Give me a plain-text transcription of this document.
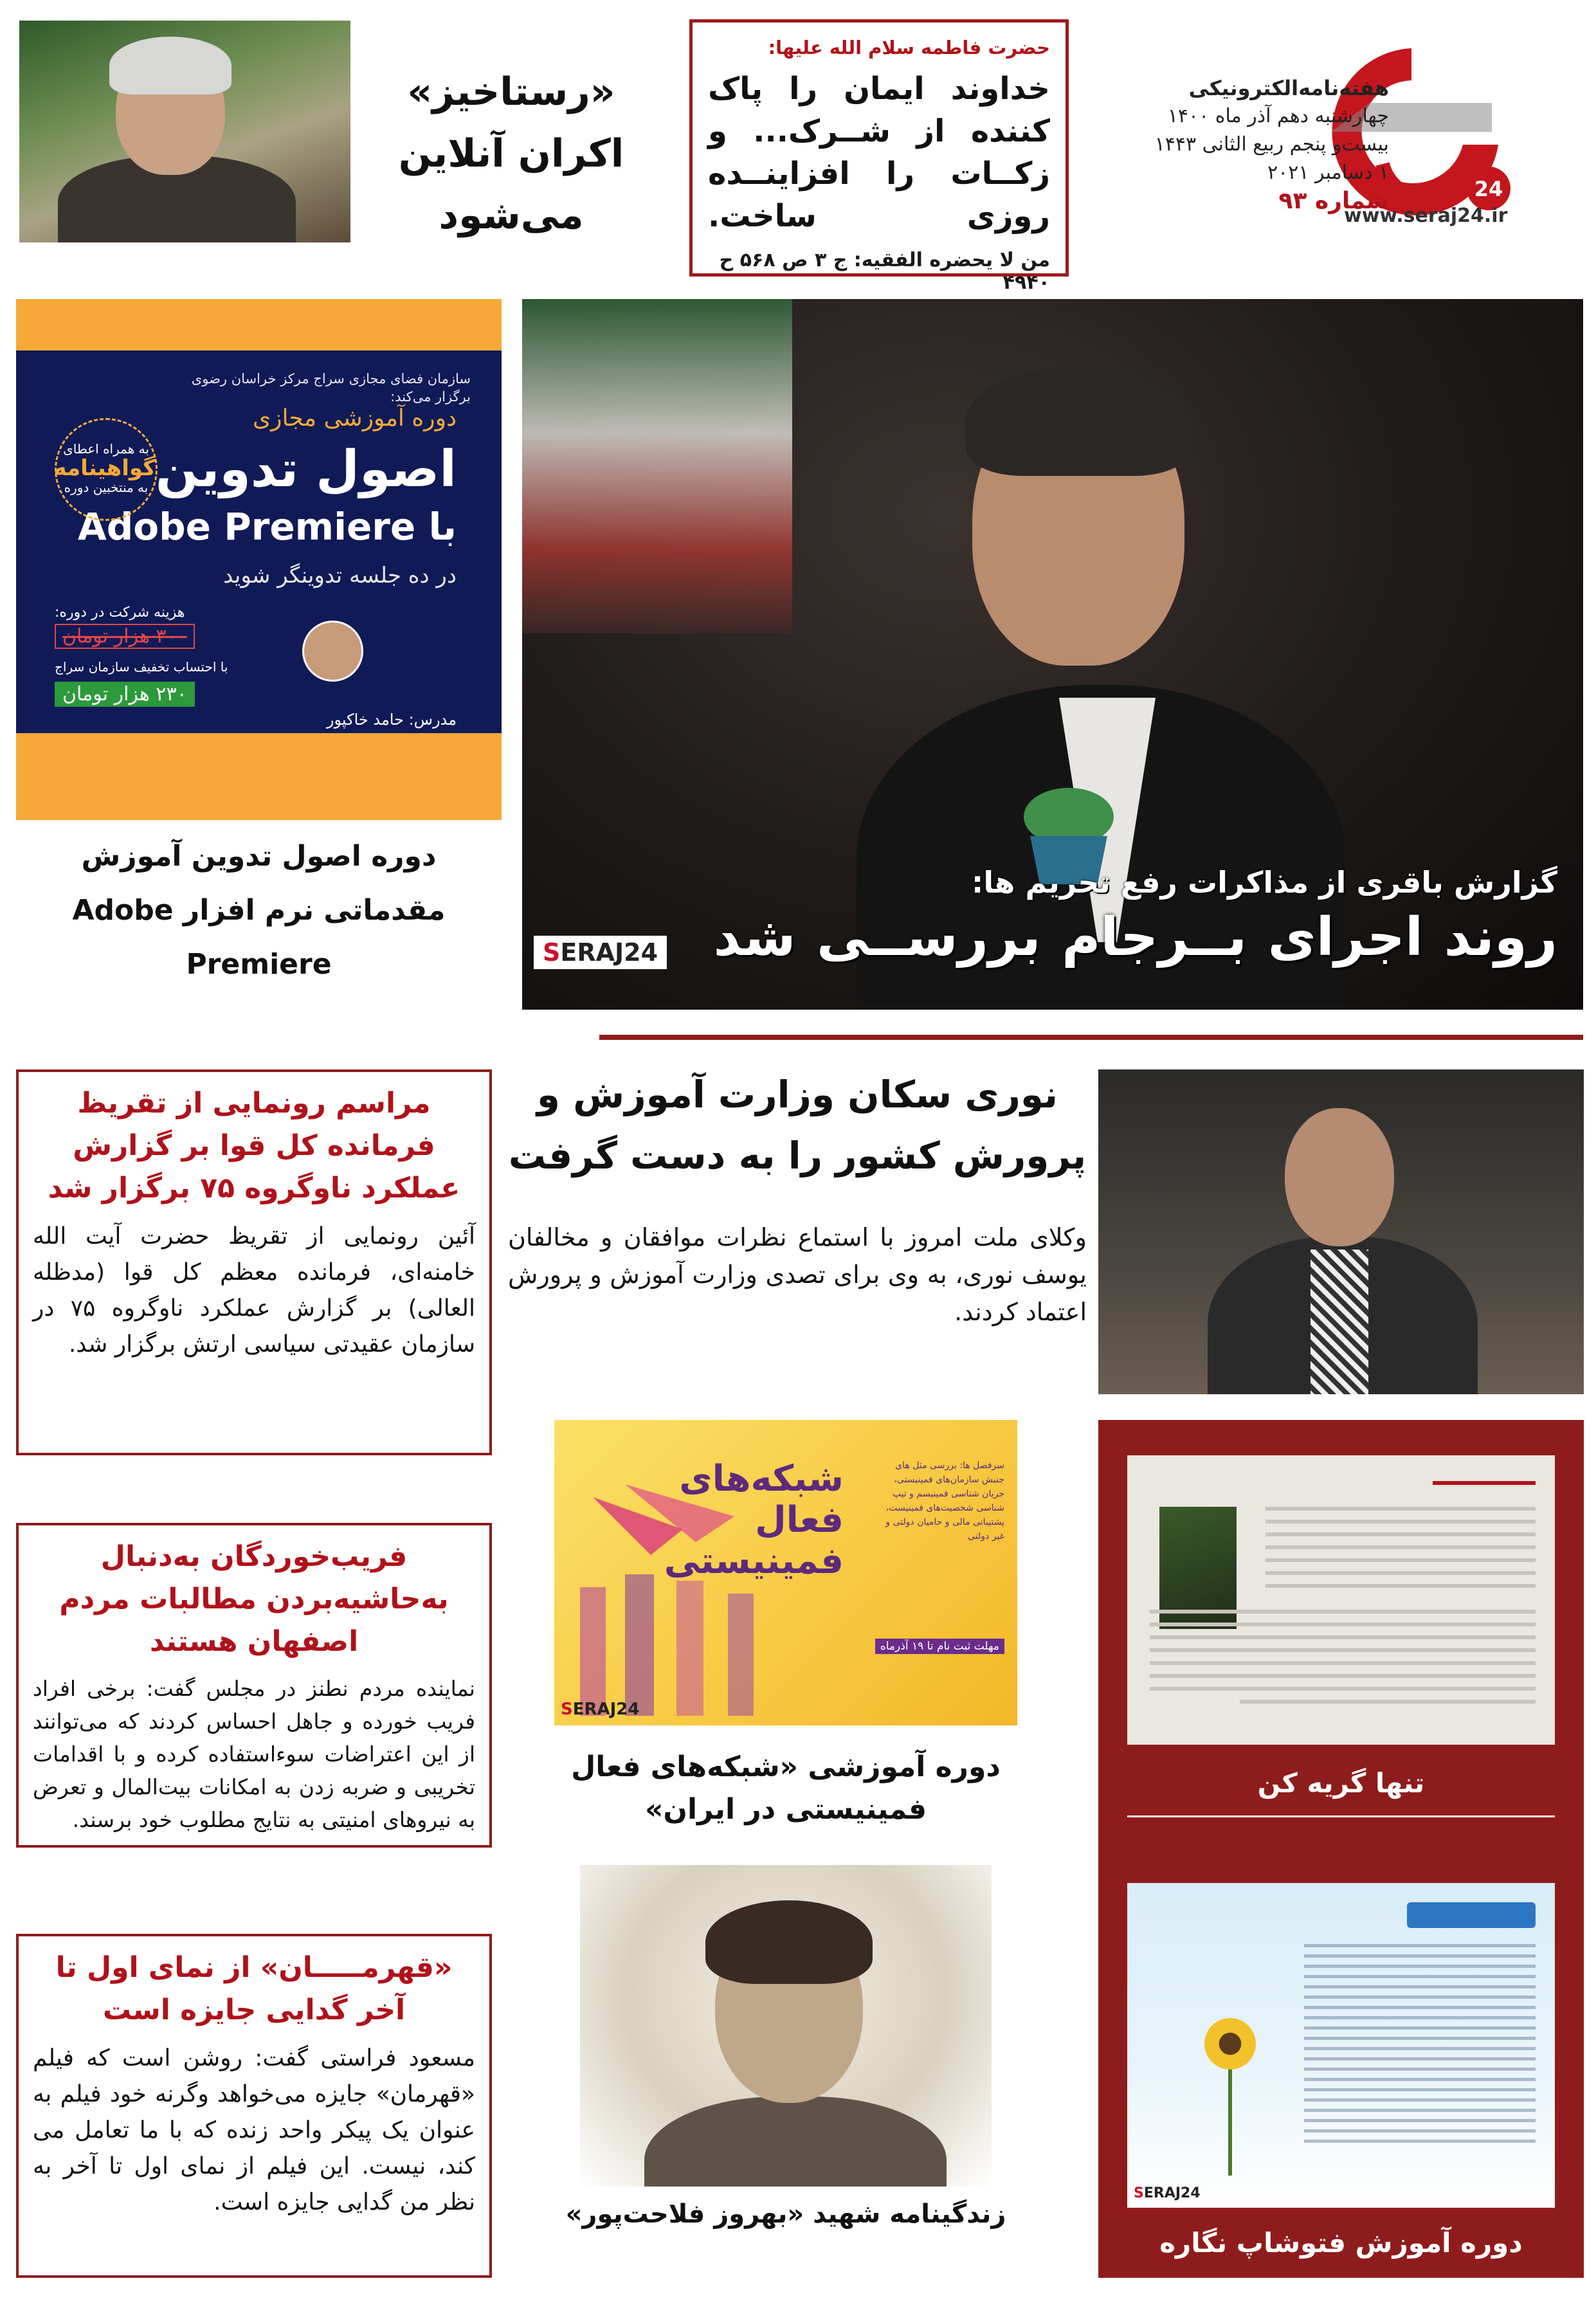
24
هفته‌نامه‌الکترونیکی
چهارشنبه دهم آذر ماه ۱۴۰۰
بیست‌و پنجم ربیع الثانی ۱۴۴۳
۱ دسامبر ۲۰۲۱
شماره ۹۳
www.seraj24.ir
حضرت فاطمه سلام الله علیها:
خداوند ایمان را پاک کننده از شــرک... و زکــات را افزاینــده روزی ساخت.
من لا یحضره الفقیه: ج ۳ ص ۵۶۸ ح ۴۹۴۰
«رستاخیز» اکران آنلاین می‌شود
گزارش باقری از مذاکرات رفع تحریم ها:
روند اجرای بــرجام بررســی شد
SERAJ24
سازمان فضای مجازی سراج مرکز خراسان رضوی
برگزار می‌کند:
دوره آموزشی مجازی
اصول تدوین
با Adobe Premiere
در ده جلسه تدوینگر شوید
به همراه اعطای
گواهینامه
به منتخبین دوره
هزینه شرکت در دوره:
۳۰۰ هزار تومان
با احتساب تخفیف سازمان سراج
۲۳۰ هزار تومان
مدرس: حامد خاکپور
دوره اصول تدوین آموزش مقدماتی نرم افزار Adobe Premiere
مراسم رونمایی از تقریظ فرمانده کل قوا بر گزارش عملکرد ناوگروه ۷۵ برگزار شد

آئین رونمایی از تقریظ حضرت آیت الله خامنه‌ای، فرمانده معظم کل قوا (مدظله العالی) بر گزارش عملکرد ناوگروه ۷۵ در سازمان عقیدتی سیاسی ارتش برگزار شد.

فریب‌خوردگان به‌دنبال به‌حاشیه‌بردن مطالبات مردم اصفهان هستند

نماینده مردم نطنز در مجلس گفت: برخی افراد فریب خورده و جاهل احساس کردند که می‌توانند از این اعتراضات سوءاستفاده کرده و با اقدامات تخریبی و ضربه زدن به امکانات بیت‌المال و تعرض به نیروهای امنیتی به نتایج مطلوب خود برسند.

«قهرمـــــان» از نمای اول تا آخر گدایی جایزه است

مسعود فراستی گفت: روشن است که فیلم «قهرمان» جایزه می‌خواهد وگرنه خود فیلم به عنوان یک پیکر واحد زنده که با ما تعامل می کند، نیست. این فیلم از نمای اول تا آخر به نظر من گدایی جایزه است.

نوری سکان وزارت آموزش و پرورش کشور را به دست گرفت
وکلای ملت امروز با استماع نظرات موافقان و مخالفان یوسف نوری، به وی برای تصدی وزارت آموزش و پرورش اعتماد کردند.
شبکه‌های فعال فمینیستی
سرفصل ها: بررسی مثل های جنبش سازمان‌های فمینیستی، جریان شناسی فمینیسم و تیپ شناسی شخصیت‌های فمینیست، پشتیبانی مالی و حامیان دولتی و غیر دولتی
مهلت ثبت نام تا ۱۹ آذرماه
SERAJ24
دوره آموزشی «شبکه‌های فعال فمینیستی در ایران»
زندگینامه شهید «بهروز فلاحت‌پور»
تنها گریه کن
SERAJ24
دوره آموزش فتوشاپ نگاره
